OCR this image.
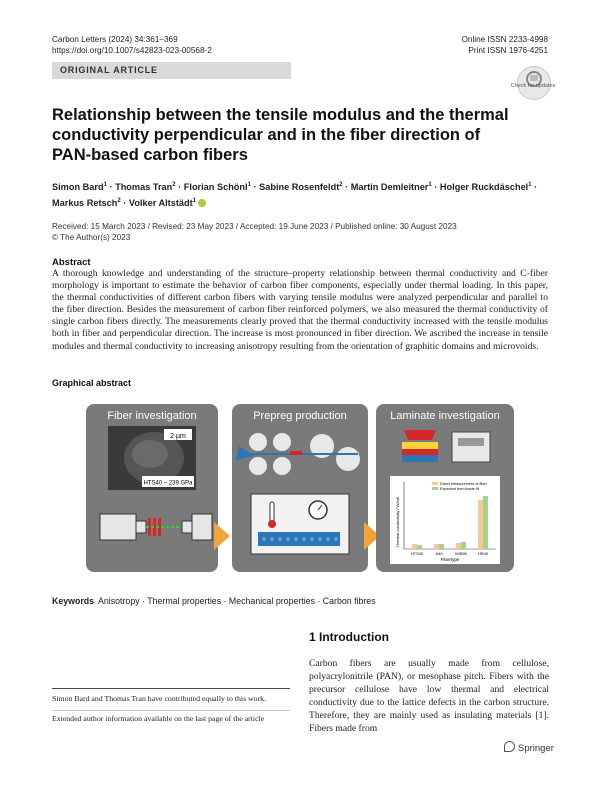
Carbon Letters (2024) 34:361–369
https://doi.org/10.1007/s42823-023-00568-2
Online ISSN 2233-4998
Print ISSN 1976-4251
ORIGINAL ARTICLE
Check for updates
Relationship between the tensile modulus and the thermal conductivity perpendicular and in the fiber direction of PAN-based carbon fibers
Simon Bard$^1$ · Thomas Tran$^2$ · Florian Schönl$^1$ · Sabine Rosenfeldt$^2$ · Martin Demleitner$^1$ · Holger Ruckdäschel$^1$ ·
Markus Retsch$^2$ · Volker Altstädt$^1$
Received: 15 March 2023 / Revised: 23 May 2023 / Accepted: 19 June 2023 / Published online: 30 August 2023
© The Author(s) 2023
Abstract
A thorough knowledge and understanding of the structure–property relationship between thermal conductivity and C-fiber morphology is important to estimate the behavior of carbon fiber components, especially under thermal loading. In this paper, the thermal conductivities of different carbon fibers with varying tensile modulus were analyzed perpendicular and parallel to the fiber direction. Besides the measurement of carbon fiber reinforced polymers, we also measured the thermal conductivity of single carbon fibers directly. The measurements clearly proved that the thermal conductivity increased with the tensile modulus both in fiber and perpendicular direction. The increase is most pronounced in fiber direction. We ascribed the increase in tensile modules and thermal conductivity to increasing anisotropy resulting from the orientation of graphitic domains and microvoids.
Graphical abstract
Fiber investigation
2 µm
HTS40 – 239 GPa
Prepreg production	Laminate investigation
Thermal conductivity / W/mK
Direct measurement of fiber
Expected from linear fit
HTS40	A49	IMS65	HR40
Fibertype
Keywords Anisotropy · Thermal properties · Mechanical properties · Carbon fibres
1 Introduction
Carbon fibers are usually made from cellulose, polyacrylonitrile (PAN), or mesophase pitch. Fibers with the precursor cellulose have low thermal and electrical conductivity due to the lattice defects in the carbon structure. Therefore, they are mainly used as insulating materials [1]. Fibers made from
Simon Bard and Thomas Tran have contributed equally to this work.
Extended author information available on the last page of the article
Springer
